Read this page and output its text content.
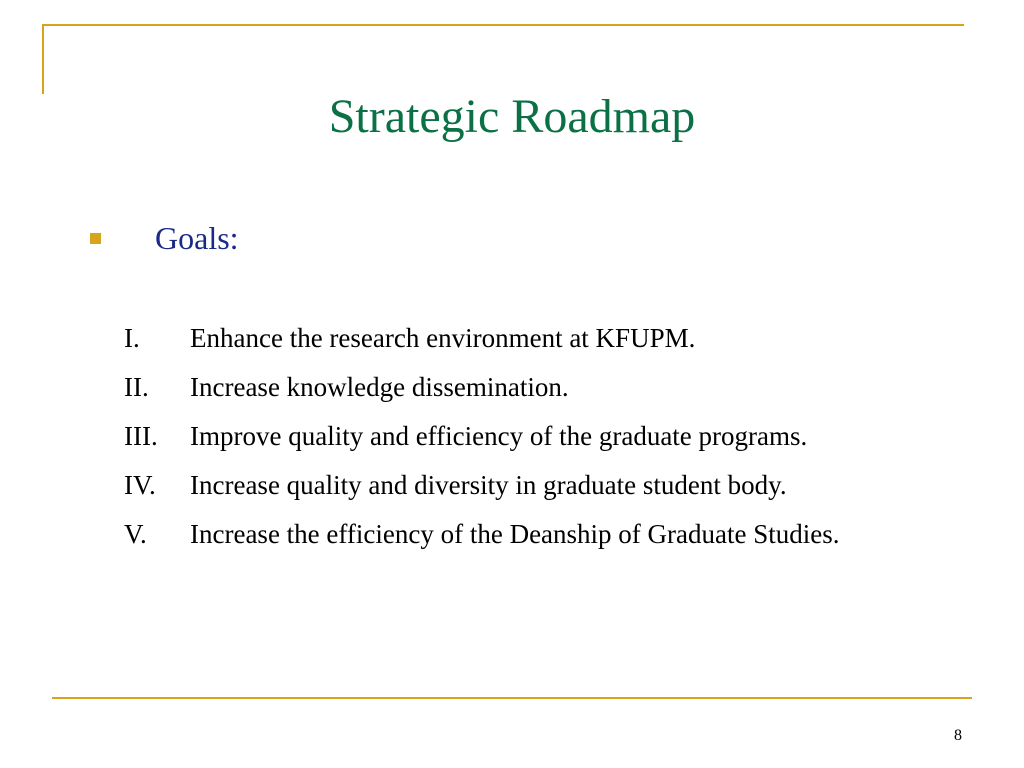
Strategic Roadmap
Goals:
I.	Enhance the research environment at KFUPM.
II.	Increase knowledge dissemination.
III.	Improve quality and efficiency of the graduate programs.
IV.	Increase quality and diversity in graduate student body.
V.	Increase the efficiency of the Deanship of Graduate Studies.
8
